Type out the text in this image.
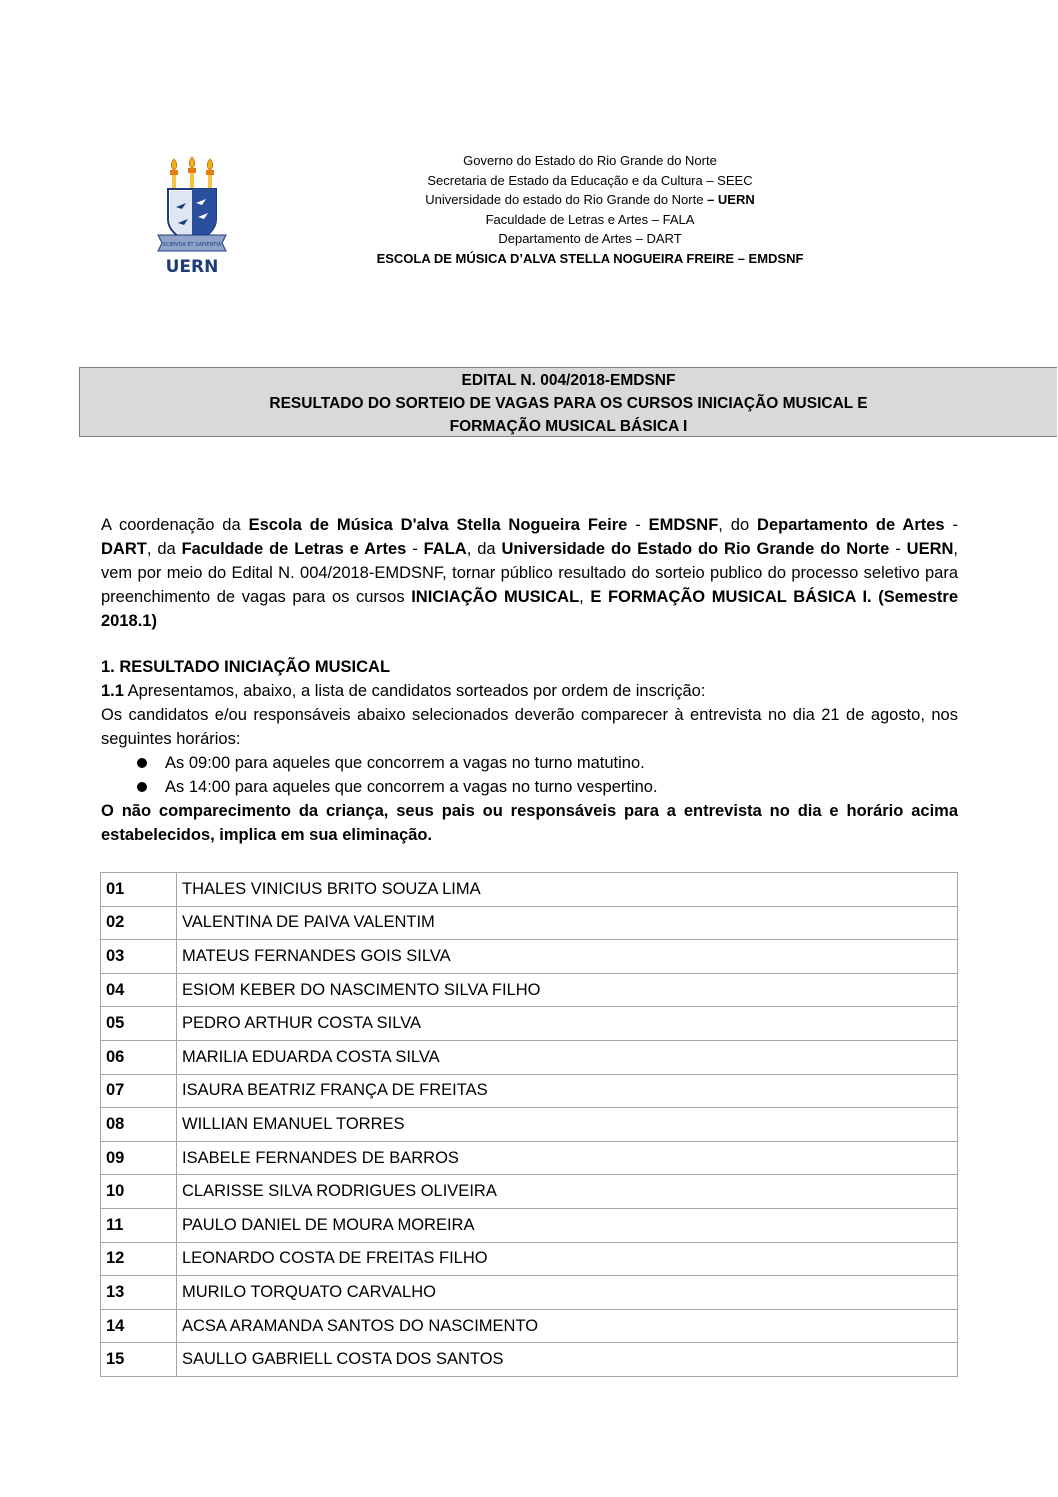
SCIENTIA ET SAPIENTIA
UERN
Governo do Estado do Rio Grande do Norte
Secretaria de Estado da Educação e da Cultura – SEEC
Universidade do estado do Rio Grande do Norte – UERN
Faculdade de Letras e Artes – FALA
Departamento de Artes – DART
ESCOLA DE MÚSICA D’ALVA STELLA NOGUEIRA FREIRE – EMDSNF
EDITAL N. 004/2018-EMDSNF
RESULTADO DO SORTEIO DE VAGAS PARA OS CURSOS INICIAÇÃO MUSICAL E
FORMAÇÃO MUSICAL BÁSICA I
A coordenação da Escola de Música D'alva Stella Nogueira Feire - EMDSNF, do Departamento de Artes - DART, da Faculdade de Letras e Artes - FALA, da Universidade do Estado do Rio Grande do Norte - UERN, vem por meio do Edital N. 004/2018-EMDSNF, tornar público resultado do sorteio publico do processo seletivo para preenchimento de vagas para os cursos INICIAÇÃO MUSICAL, E FORMAÇÃO MUSICAL BÁSICA I. (Semestre 2018.1)
1. RESULTADO INICIAÇÃO MUSICAL
1.1 Apresentamos, abaixo, a lista de candidatos sorteados por ordem de inscrição:
Os candidatos e/ou responsáveis abaixo selecionados deverão comparecer à entrevista no dia 21 de agosto, nos seguintes horários:
As 09:00 para aqueles que concorrem a vagas no turno matutino.
As 14:00 para aqueles que concorrem a vagas no turno vespertino.
O não comparecimento da criança, seus pais ou responsáveis para a entrevista no dia e horário acima estabelecidos, implica em sua eliminação.
01	THALES VINICIUS BRITO SOUZA LIMA
02	VALENTINA DE PAIVA VALENTIM
03	MATEUS FERNANDES GOIS SILVA
04	ESIOM KEBER DO NASCIMENTO SILVA FILHO
05	PEDRO ARTHUR COSTA SILVA
06	MARILIA EDUARDA COSTA SILVA
07	ISAURA BEATRIZ FRANÇA DE FREITAS
08	WILLIAN EMANUEL TORRES
09	ISABELE FERNANDES DE BARROS
10	CLARISSE SILVA RODRIGUES OLIVEIRA
11	PAULO DANIEL DE MOURA MOREIRA
12	LEONARDO COSTA DE FREITAS FILHO
13	MURILO TORQUATO CARVALHO
14	ACSA ARAMANDA SANTOS DO NASCIMENTO
15	SAULLO GABRIELL COSTA DOS SANTOS
